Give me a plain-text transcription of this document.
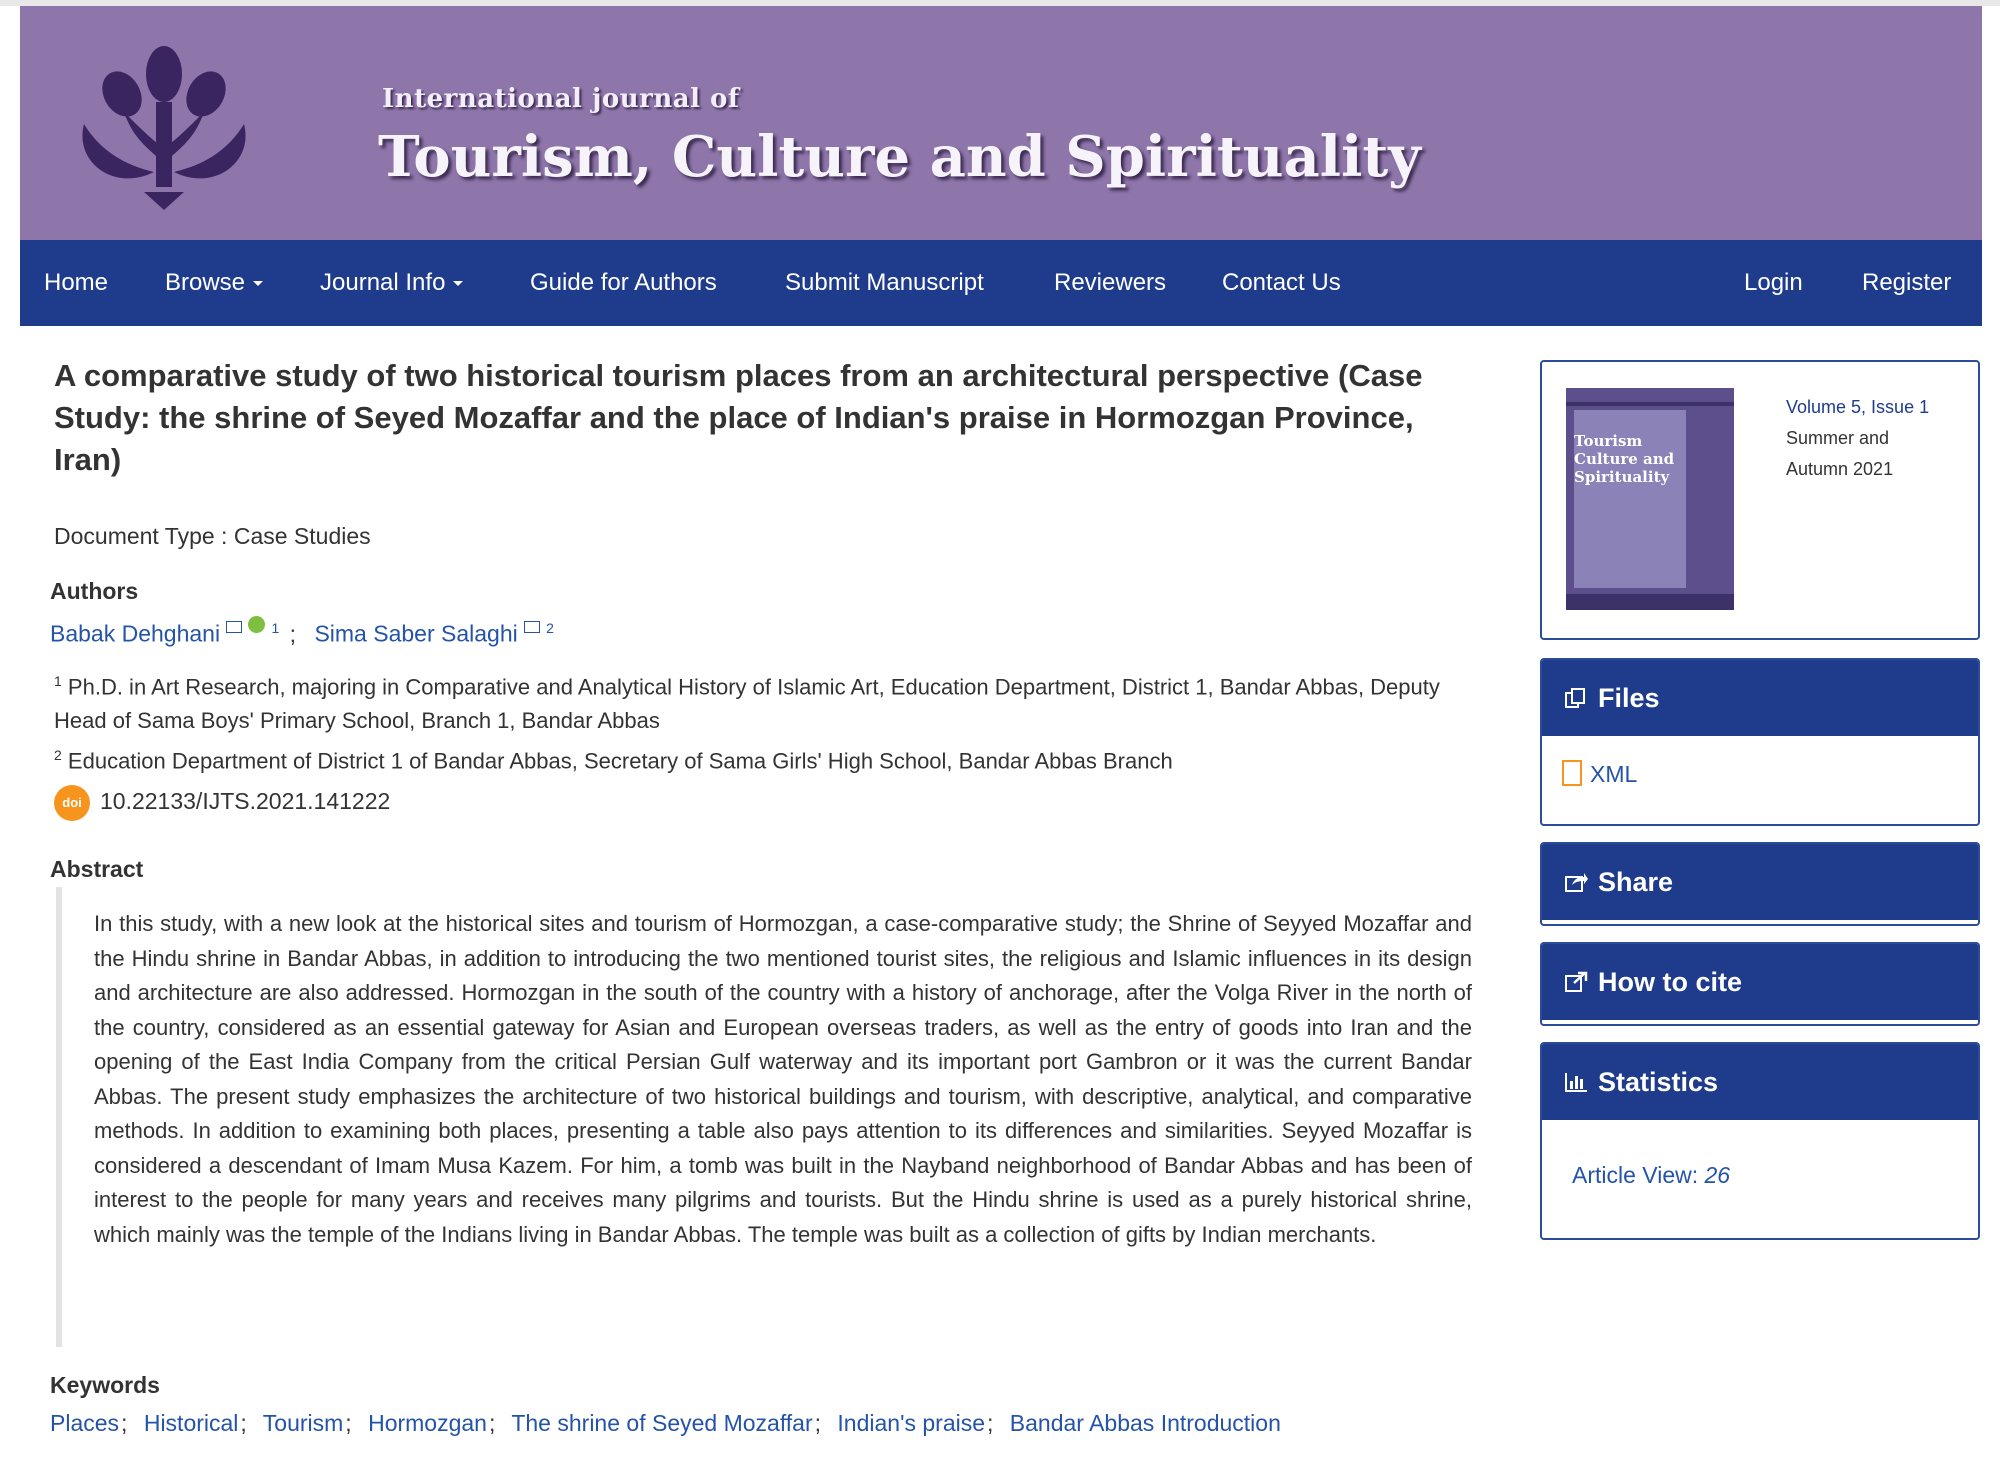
International journal of
Tourism, Culture and Spirituality
Home Browse	Journal Info	Guide for Authors	Submit Manuscript	Reviewers Contact Us	Login Register
A comparative study of two historical tourism places from an architectural perspective (Case Study: the shrine of Seyed Mozaffar and the place of Indian's praise in Hormozgan Province, Iran)
Document Type : Case Studies
Authors
Babak Dehghani	$^1$ ; Sima Saber Salaghi $^2$
$^1$ Ph.D. in Art Research, majoring in Comparative and Analytical History of Islamic Art, Education Department, District 1, Bandar Abbas, Deputy Head of Sama Boys' Primary School, Branch 1, Bandar Abbas
$^2$ Education Department of District 1 of Bandar Abbas, Secretary of Sama Girls' High School, Bandar Abbas Branch
doi 10.22133/IJTS.2021.141222
Abstract

In this study, with a new look at the historical sites and tourism of Hormozgan, a case-comparative study; the Shrine of Seyyed Mozaffar and the Hindu shrine in Bandar Abbas, in addition to introducing the two mentioned tourist sites, the religious and Islamic influences in its design and architecture are also addressed. Hormozgan in the south of the country with a history of anchorage, after the Volga River in the north of the country, considered as an essential gateway for Asian and European overseas traders, as well as the entry of goods into Iran and the opening of the East India Company from the critical Persian Gulf waterway and its important port Gambron or it was the current Bandar Abbas. The present study emphasizes the architecture of two historical buildings and tourism, with descriptive, analytical, and comparative methods. In addition to examining both places, presenting a table also pays attention to its differences and similarities. Seyyed Mozaffar is considered a descendant of Imam Musa Kazem. For him, a tomb was built in the Nayband neighborhood of Bandar Abbas and has been of interest to the people for many years and receives many pilgrims and tourists. But the Hindu shrine is used as a purely historical shrine, which mainly was the temple of the Indians living in Bandar Abbas. The temple was built as a collection of gifts by Indian merchants.

Keywords
Places; Historical; Tourism; Hormozgan; The shrine of Seyed Mozaffar; Indian's praise; Bandar Abbas Introduction
Tourism
Culture and
Spirituality
Volume 5, Issue 1
Summer and
Autumn 2021
Files
XML
Share
How to cite
Statistics
Article View: 26
